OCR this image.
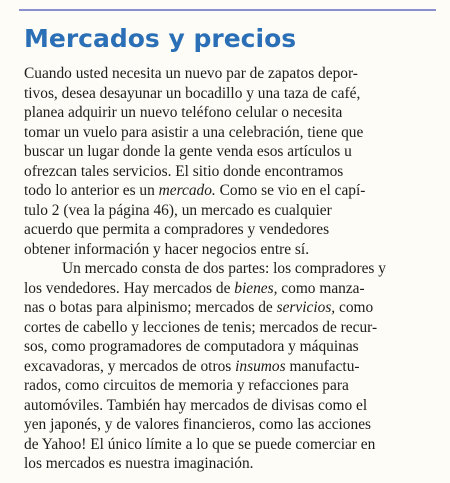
Mercados y precios
Cuando usted necesita un nuevo par de zapatos depor-
tivos, desea desayunar un bocadillo y una taza de café,
planea adquirir un nuevo teléfono celular o necesita
tomar un vuelo para asistir a una celebración, tiene que
buscar un lugar donde la gente venda esos artículos u
ofrezcan tales servicios. El sitio donde encontramos
todo lo anterior es un mercado. Como se vio en el capí-
tulo 2 (vea la página 46), un mercado es cualquier
acuerdo que permita a compradores y vendedores
obtener información y hacer negocios entre sí.
Un mercado consta de dos partes: los compradores y
los vendedores. Hay mercados de bienes, como manza-
nas o botas para alpinismo; mercados de servicios, como
cortes de cabello y lecciones de tenis; mercados de recur-
sos, como programadores de computadora y máquinas
excavadoras, y mercados de otros insumos manufactu-
rados, como circuitos de memoria y refacciones para
automóviles. También hay mercados de divisas como el
yen japonés, y de valores financieros, como las acciones
de Yahoo! El único límite a lo que se puede comerciar en
los mercados es nuestra imaginación.
